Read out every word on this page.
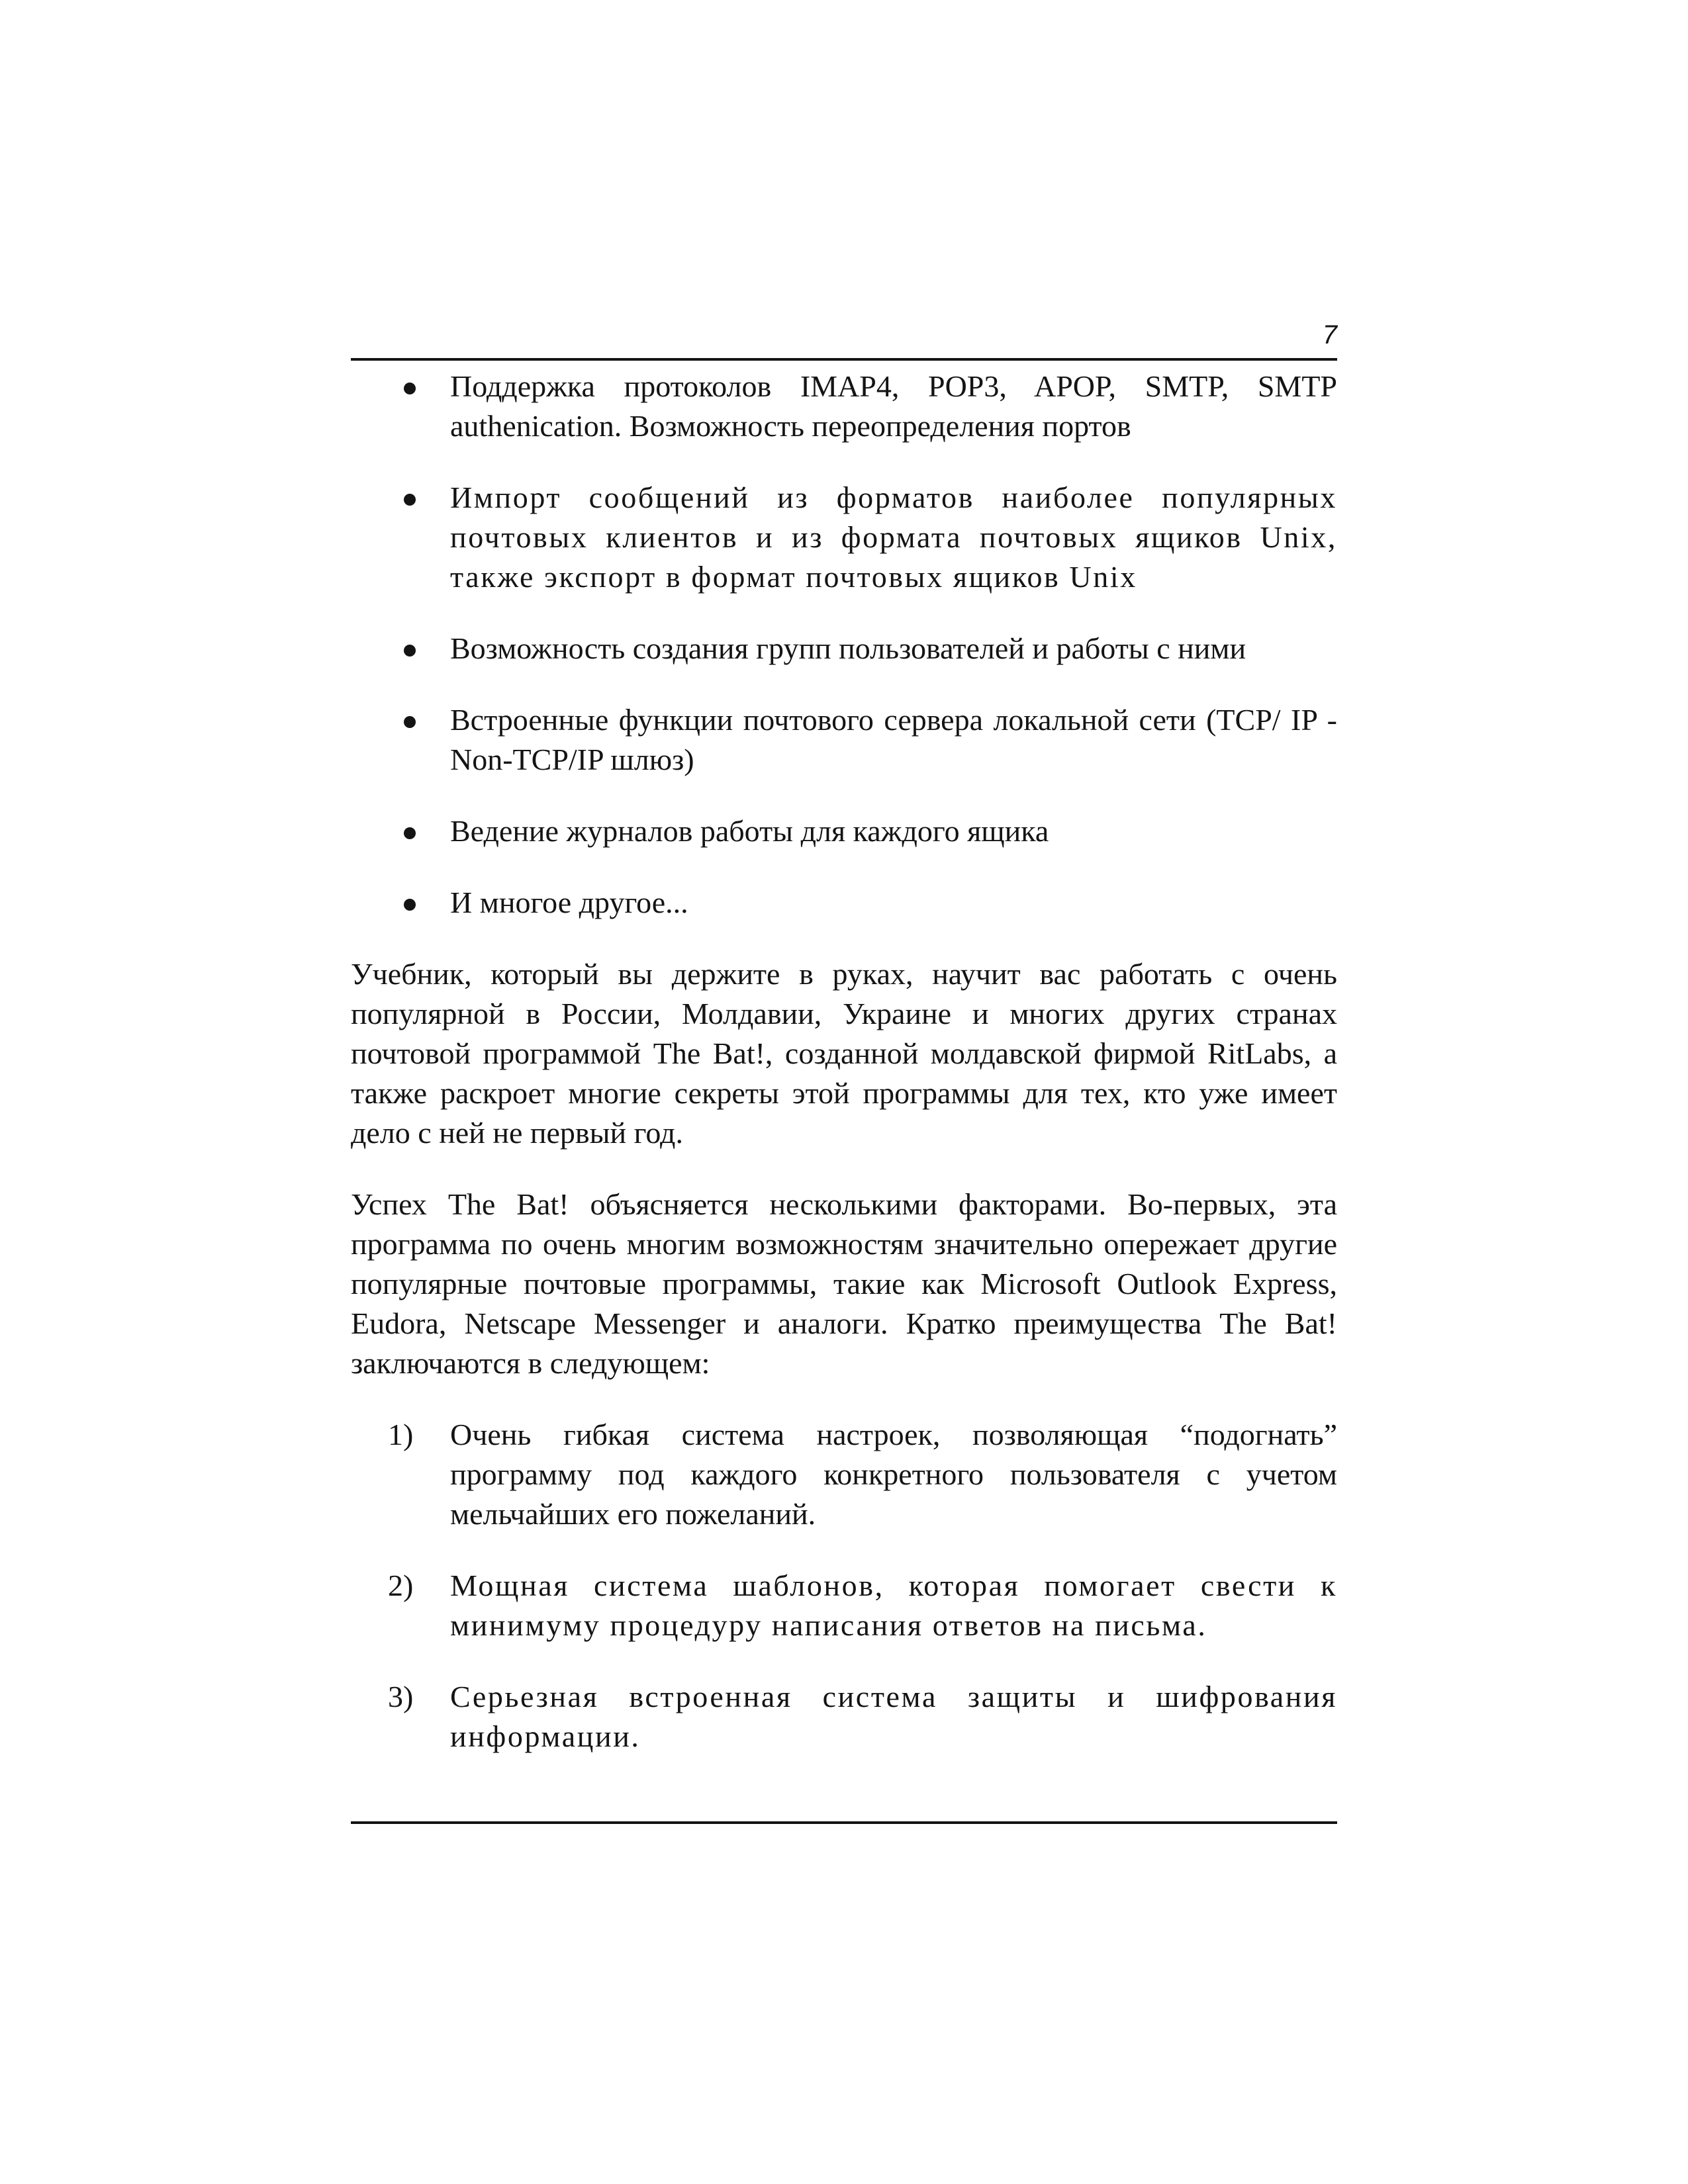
7
Поддержка протоколов IMAP4, POP3, APOP, SMTP, SMTP authenication. Возможность переопределения портов
Импорт сообщений из форматов наиболее популярных почтовых клиентов и из формата почтовых ящиков Unix, также экспорт в формат почтовых ящиков Unix
Возможность создания групп пользователей и работы с ними
Встроенные функции почтового сервера локальной сети (TCP/ IP - Non-TCP/IP шлюз)
Ведение журналов работы для каждого ящика
И многое другое...

Учебник, который вы держите в руках, научит вас работать с очень популярной в России, Молдавии, Украине и многих других странах почтовой программой The Bat!, созданной молдавской фирмой RitLabs, а также раскроет многие секреты этой программы для тех, кто уже имеет дело с ней не первый год.

Успех The Bat! объясняется несколькими факторами. Во-первых, эта программа по очень многим возможностям значительно опережает другие популярные почтовые программы, такие как Microsoft Outlook Express, Eudora, Netscape Messenger и аналоги. Кратко преимущества The Bat! заключаются в следующем:

1)	Очень гибкая система настроек, позволяющая “подогнать” программу под каждого конкретного пользователя с учетом мельчайших его пожеланий.
2)	Мощная система шаблонов, которая помогает свести к минимуму процедуру написания ответов на письма.
3)	Серьезная встроенная система защиты и шифрования информации.
